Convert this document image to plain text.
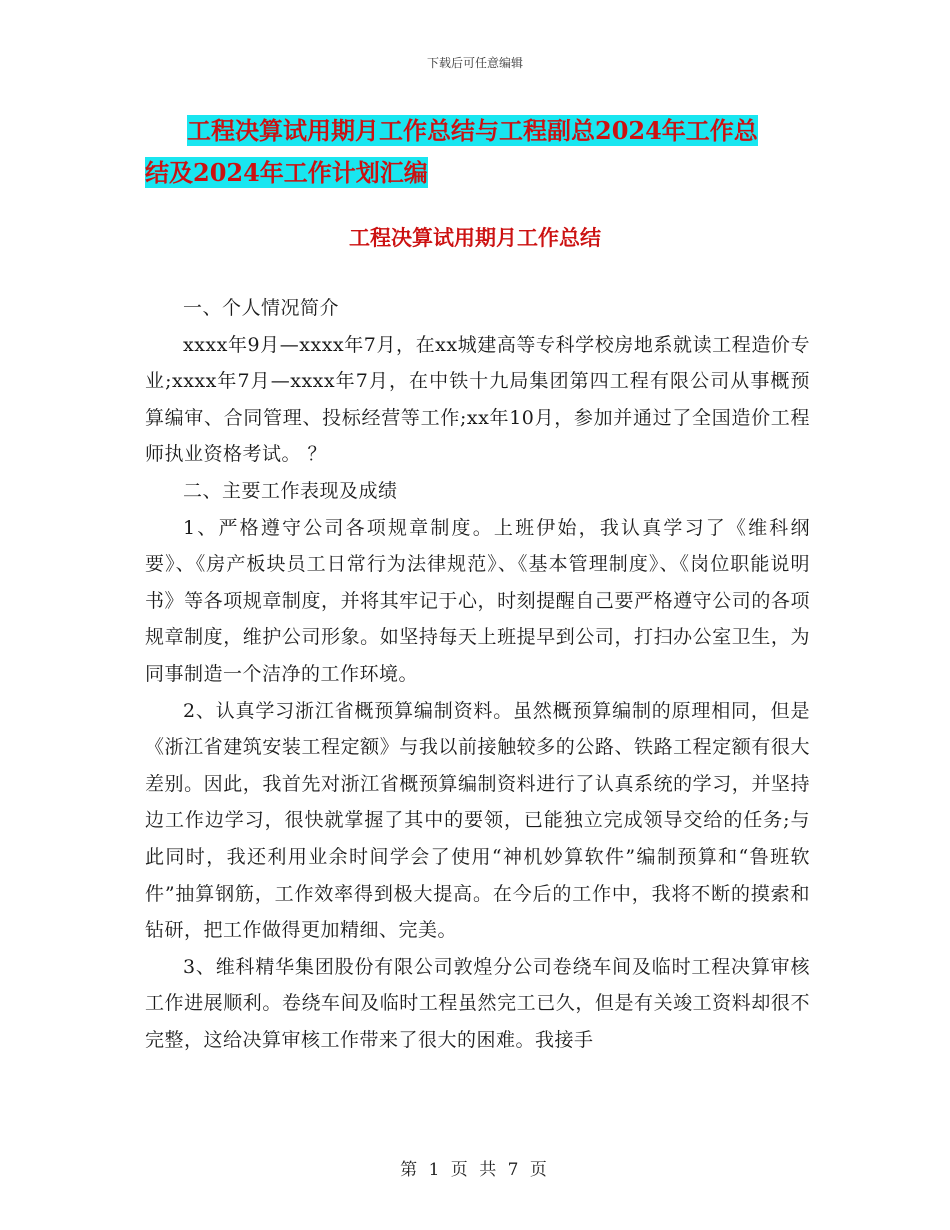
下载后可任意编辑
工程决算试用期月工作总结与工程副总2024年工作总
结及2024年工作计划汇编
工程决算试用期月工作总结

一、个人情况简介

xxxx年9月—xxxx年7月，在xx城建高等专科学校房地系就读工程造价专业;xxxx年7月—xxxx年7月，在中铁十九局集团第四工程有限公司从事概预算编审、合同管理、投标经营等工作;xx年10月，参加并通过了全国造价工程师执业资格考试。 ？

二、主要工作表现及成绩

1、严格遵守公司各项规章制度。上班伊始，我认真学习了《维科纲要》、《房产板块员工日常行为法律规范》、《基本管理制度》、《岗位职能说明书》等各项规章制度，并将其牢记于心，时刻提醒自己要严格遵守公司的各项规章制度，维护公司形象。如坚持每天上班提早到公司，打扫办公室卫生，为同事制造一个洁净的工作环境。

2、认真学习浙江省概预算编制资料。虽然概预算编制的原理相同，但是《浙江省建筑安装工程定额》与我以前接触较多的公路、铁路工程定额有很大差别。因此，我首先对浙江省概预算编制资料进行了认真系统的学习，并坚持边工作边学习，很快就掌握了其中的要领，已能独立完成领导交给的任务;与此同时，我还利用业余时间学会了使用“神机妙算软件”编制预算和“鲁班软件”抽算钢筋，工作效率得到极大提高。在今后的工作中，我将不断的摸索和钻研，把工作做得更加精细、完美。

3、维科精华集团股份有限公司敦煌分公司卷绕车间及临时工程决算审核工作进展顺利。卷绕车间及临时工程虽然完工已久，但是有关竣工资料却很不完整，这给决算审核工作带来了很大的困难。我接手

第 1 页 共 7 页
